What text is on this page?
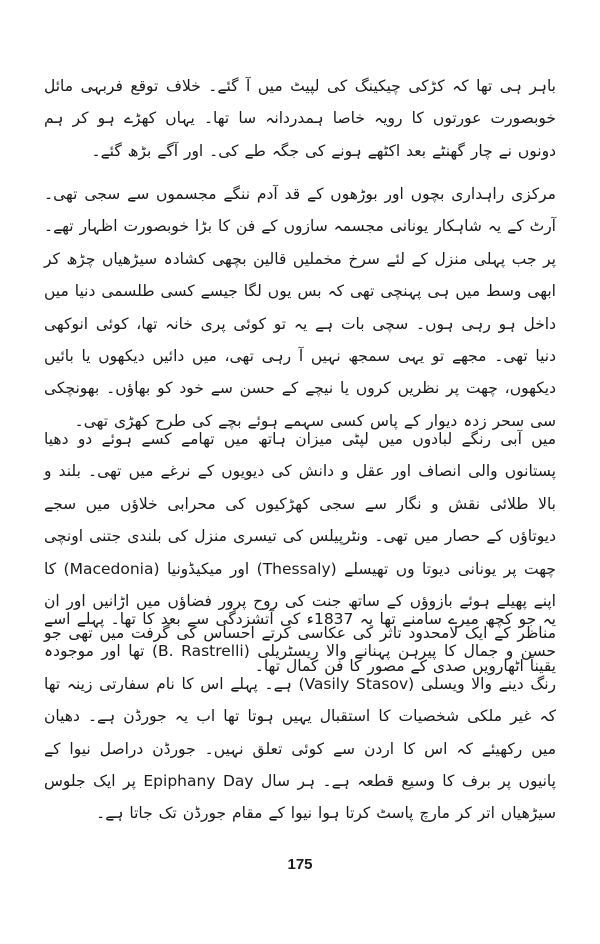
باہر ہی تھا کہ کڑکی چیکینگ کی لپیٹ میں آ گئے۔ خلاف توقع فربہی مائل خوبصورت عورتوں کا رویہ خاصا ہمدردانہ سا تھا۔ یہاں کھڑے ہو کر ہم دونوں نے چار گھنٹے بعد اکٹھے ہونے کی جگہ طے کی۔ اور آگے بڑھ گئے۔

مرکزی راہداری بچوں اور بوڑھوں کے قد آدم ننگے مجسموں سے سجی تھی۔ آرٹ کے یہ شاہکار یونانی مجسمہ سازوں کے فن کا بڑا خوبصورت اظہار تھے۔ پر جب پہلی منزل کے لئے سرخ مخملیں قالین بچھی کشادہ سیڑھیاں چڑھ کر ابھی وسط میں ہی پہنچی تھی کہ بس یوں لگا جیسے کسی طلسمی دنیا میں داخل ہو رہی ہوں۔ سچی بات ہے یہ تو کوئی پری خانہ تھا، کوئی انوکھی دنیا تھی۔ مجھے تو یہی سمجھ نہیں آ رہی تھی، میں دائیں دیکھوں یا بائیں دیکھوں، چھت پر نظریں کروں یا نیچے کے حسن سے خود کو بھاؤں۔ بھونچکی سی سحر زدہ دیوار کے پاس کسی سہمے ہوئے بچے کی طرح کھڑی تھی۔

میں آبی رنگے لبادوں میں لپٹی میزان ہاتھ میں تھامے کسے ہوئے دو دھیا پستانوں والی انصاف اور عقل و دانش کی دیویوں کے نرغے میں تھی۔ بلند و بالا طلائی نقش و نگار سے سجی کھڑکیوں کی محرابی خلاؤں میں سجے دیوتاؤں کے حصار میں تھی۔ ونٹرپیلس کی تیسری منزل کی بلندی جتنی اونچی چھت پر یونانی دیوتا وں تھیسلے (Thessaly) اور میکیڈونیا (Macedonia) کا اپنے پھیلے ہوئے بازوؤں کے ساتھ جنت کی روح پرور فضاؤں میں اڑانیں اور ان مناظر کے ایک لامحدود تاثر کی عکاسی کرتے احساس کی گرفت میں تھی جو یقیناً اٹھارویں صدی کے مصور کا فن کمال تھا۔

یہ جو کچھ میرے سامنے تھا یہ 1837ء کی آتشزدگی سے بعد کا تھا۔ پہلے اسے حسن و جمال کا پیرہن پہنانے والا ریسٹریلی (B. Rastrelli) تھا اور موجودہ رنگ دینے والا ویسلی (Vasily Stasov) ہے۔ پہلے اس کا نام سفارتی زینہ تھا کہ غیر ملکی شخصیات کا استقبال یہیں ہوتا تھا اب یہ جورڈن ہے۔ دھیان میں رکھیئے کہ اس کا اردن سے کوئی تعلق نہیں۔ جورڈن دراصل نیوا کے پانیوں پر برف کا وسیع قطعہ ہے۔ ہر سال Epiphany Day پر ایک جلوس سیڑھیاں اتر کر مارچ پاسٹ کرتا ہوا نیوا کے مقام جورڈن تک جاتا ہے۔

175
